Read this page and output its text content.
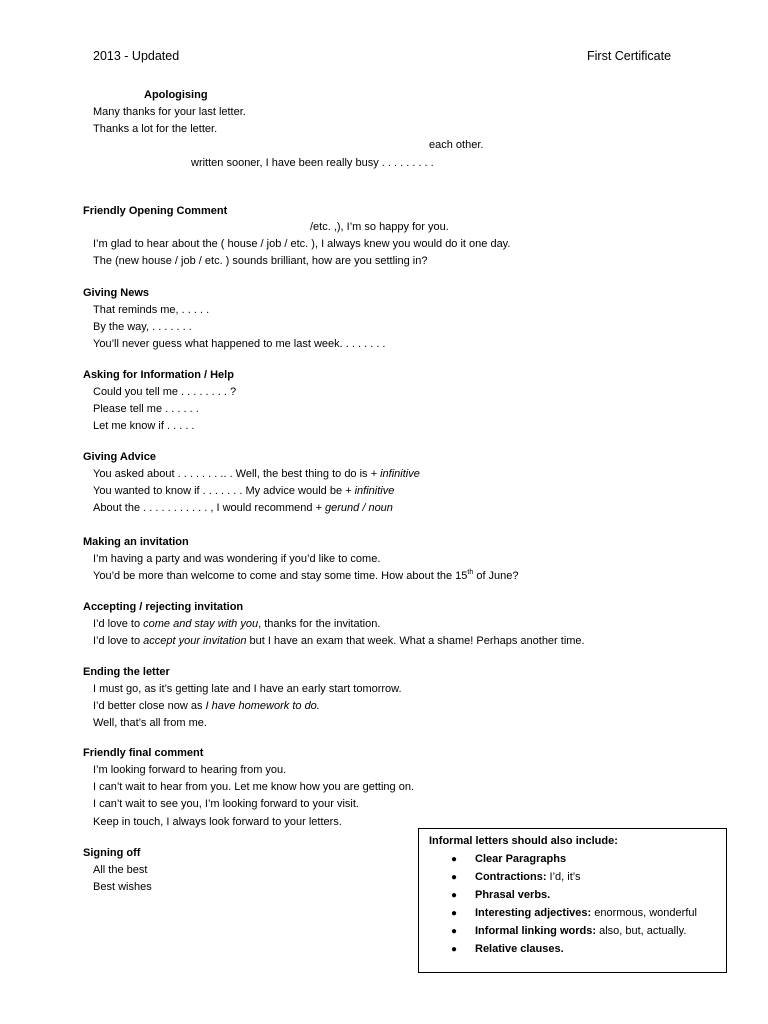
2013 - Updated	First Certificate
Apologising
Many thanks for your last letter.
Thanks a lot for the letter.
each other.
written sooner, I have been really busy . . . . . . . . .
Friendly Opening Comment
/etc. ,), I’m so happy for you.
I’m glad to hear about the ( house / job / etc. ), I always knew you would do it one day.
The (new house / job / etc. ) sounds brilliant, how are you settling in?
Giving News
That reminds me, . . . . .
By the way, . . . . . . .
You’ll never guess what happened to me last week. . . . . . . .
Asking for Information / Help
Could you tell me . . . . . . . . ?
Please tell me . . . . . .
Let me know if . . . . .
Giving Advice
You asked about . . . . . . . .. . Well, the best thing to do is + infinitive
You wanted to know if . . . . . . . My advice would be + infinitive
About the . . . . . . . . . . . , I would recommend + gerund / noun
Making an invitation
I’m having a party and was wondering if you’d like to come.
You’d be more than welcome to come and stay some time. How about the 15th of June?
Accepting / rejecting invitation
I’d love to come and stay with you, thanks for the invitation.
I’d love to accept your invitation but I have an exam that week. What a shame! Perhaps another time.
Ending the letter
I must go, as it’s getting late and I have an early start tomorrow.
I’d better close now as I have homework to do.
Well, that’s all from me.
Friendly final comment
I’m looking forward to hearing from you.
I can’t wait to hear from you. Let me know how you are getting on.
I can’t wait to see you, I’m looking forward to your visit.
Keep in touch, I always look forward to your letters.
Signing off
All the best
Best wishes
Informal letters should also include:
● Clear Paragraphs
● Contractions: I’d, it’s
● Phrasal verbs.
● Interesting adjectives: enormous, wonderful
● Informal linking words: also, but, actually.
● Relative clauses.
